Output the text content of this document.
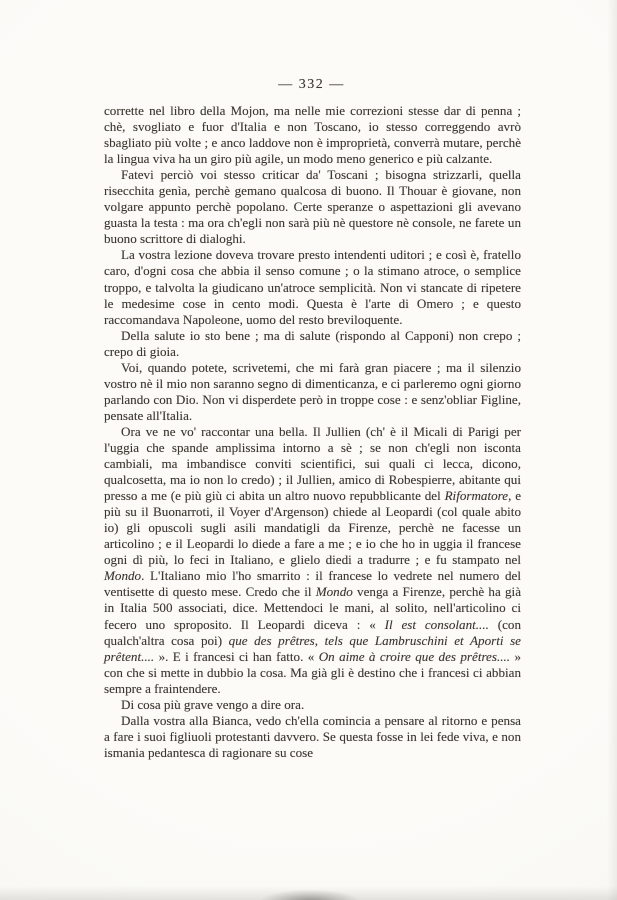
— 332 —

corrette nel libro della Mojon, ma nelle mie correzioni stesse dar di penna ; chè, svogliato e fuor d'Italia e non Toscano, io stesso correggendo avrò sbagliato più volte ; e anco laddove non è improprietà, converrà mutare, perchè la lingua viva ha un giro più agile, un modo meno generico e più calzante.

Fatevi perciò voi stesso criticar da' Toscani ; bisogna strizzarli, quella risecchita genìa, perchè gemano qualcosa di buono. Il Thouar è giovane, non volgare appunto perchè popolano. Certe speranze o aspettazioni gli avevano guasta la testa : ma ora ch'egli non sarà più nè questore nè console, ne farete un buono scrittore di dialoghi.

La vostra lezione doveva trovare presto intendenti uditori ; e così è, fratello caro, d'ogni cosa che abbia il senso comune ; o la stimano atroce, o semplice troppo, e talvolta la giudicano un'atroce semplicità. Non vi stancate di ripetere le medesime cose in cento modi. Questa è l'arte di Omero ; e questo raccomandava Napoleone, uomo del resto breviloquente.

Della salute io sto bene ; ma di salute (rispondo al Capponi) non crepo ; crepo di gioia.

Voi, quando potete, scrivetemi, che mi farà gran piacere ; ma il silenzio vostro nè il mio non saranno segno di dimenticanza, e ci parleremo ogni giorno parlando con Dio. Non vi disperdete però in troppe cose : e senz'obliar Figline, pensate all'Italia.

Ora ve ne vo' raccontar una bella. Il Jullien (ch' è il Micali di Parigi per l'uggia che spande amplissima intorno a sè ; se non ch'egli non isconta cambiali, ma imbandisce conviti scientifici, sui quali ci lecca, dicono, qualcosetta, ma io non lo credo) ; il Jullien, amico di Robespierre, abitante qui presso a me (e più giù ci abita un altro nuovo repubblicante del Riformatore, e più su il Buonarroti, il Voyer d'Argenson) chiede al Leopardi (col quale abito io) gli opuscoli sugli asili mandatigli da Firenze, perchè ne facesse un articolino ; e il Leopardi lo diede a fare a me ; e io che ho in uggia il francese ogni dì più, lo feci in Italiano, e glielo diedi a tradurre ; e fu stampato nel Mondo. L'Italiano mio l'ho smarrito : il francese lo vedrete nel numero del ventisette di questo mese. Credo che il Mondo venga a Firenze, perchè ha già in Italia 500 associati, dice. Mettendoci le mani, al solito, nell'articolino ci fecero uno sproposito. Il Leopardi diceva : « Il est consolant.... (con qualch'altra cosa poi) que des prêtres, tels que Lambruschini et Aporti se prêtent.... ». E i francesi ci han fatto. « On aime à croire que des prêtres.... » con che si mette in dubbio la cosa. Ma già gli è destino che i francesi ci abbian sempre a fraintendere.

Di cosa più grave vengo a dire ora.

Dalla vostra alla Bianca, vedo ch'ella comincia a pensare al ritorno e pensa a fare i suoi figliuoli protestanti davvero. Se questa fosse in lei fede viva, e non ismania pedantesca di ragionare su cose
